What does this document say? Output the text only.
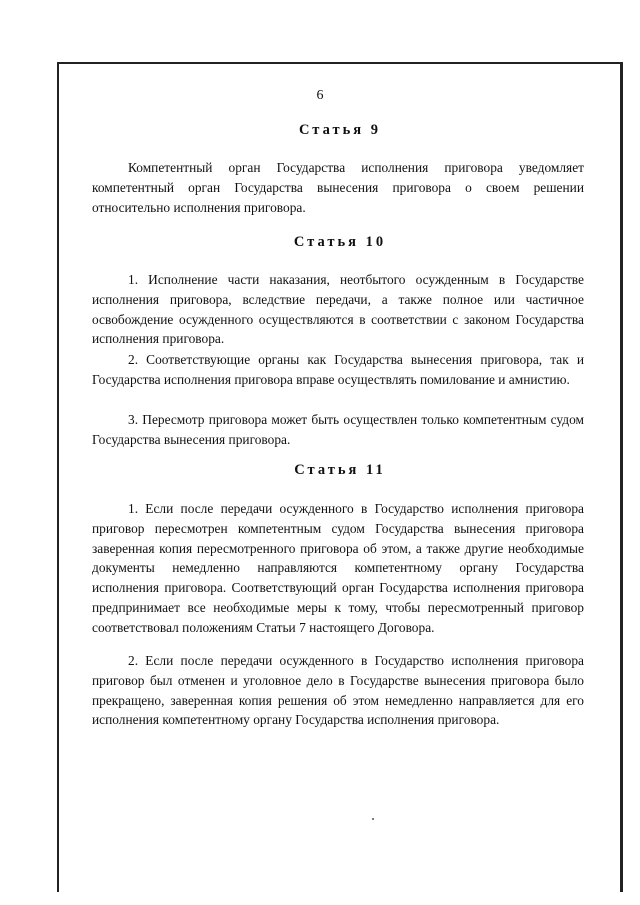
6
Статья 9
Компетентный орган Государства исполнения приговора уведомляет компетентный орган Государства вынесения приговора о своем решении относительно исполнения приговора.
Статья 10
1. Исполнение части наказания, неотбытого осужденным в Государстве исполнения приговора, вследствие передачи, а также полное или частичное освобождение осужденного осуществляются в соответствии с законом Государства исполнения приговора.
2. Соответствующие органы как Государства вынесения приговора, так и Государства исполнения приговора вправе осуществлять помилование и амнистию.
3. Пересмотр приговора может быть осуществлен только компетентным судом Государства вынесения приговора.
Статья 11
1. Если после передачи осужденного в Государство исполнения приговора приговор пересмотрен компетентным судом Государства вынесения приговора заверенная копия пересмотренного приговора об этом, а также другие необходимые документы немедленно направляются компетентному органу Государства исполнения приговора. Соответствующий орган Государства исполнения приговора предпринимает все необходимые меры к тому, чтобы пересмотренный приговор соответствовал положениям Статьи 7 настоящего Договора.
2. Если после передачи осужденного в Государство исполнения приговора приговор был отменен и уголовное дело в Государстве вынесения приговора было прекращено, заверенная копия решения об этом немедленно направляется для его исполнения компетентному органу Государства исполнения приговора.
